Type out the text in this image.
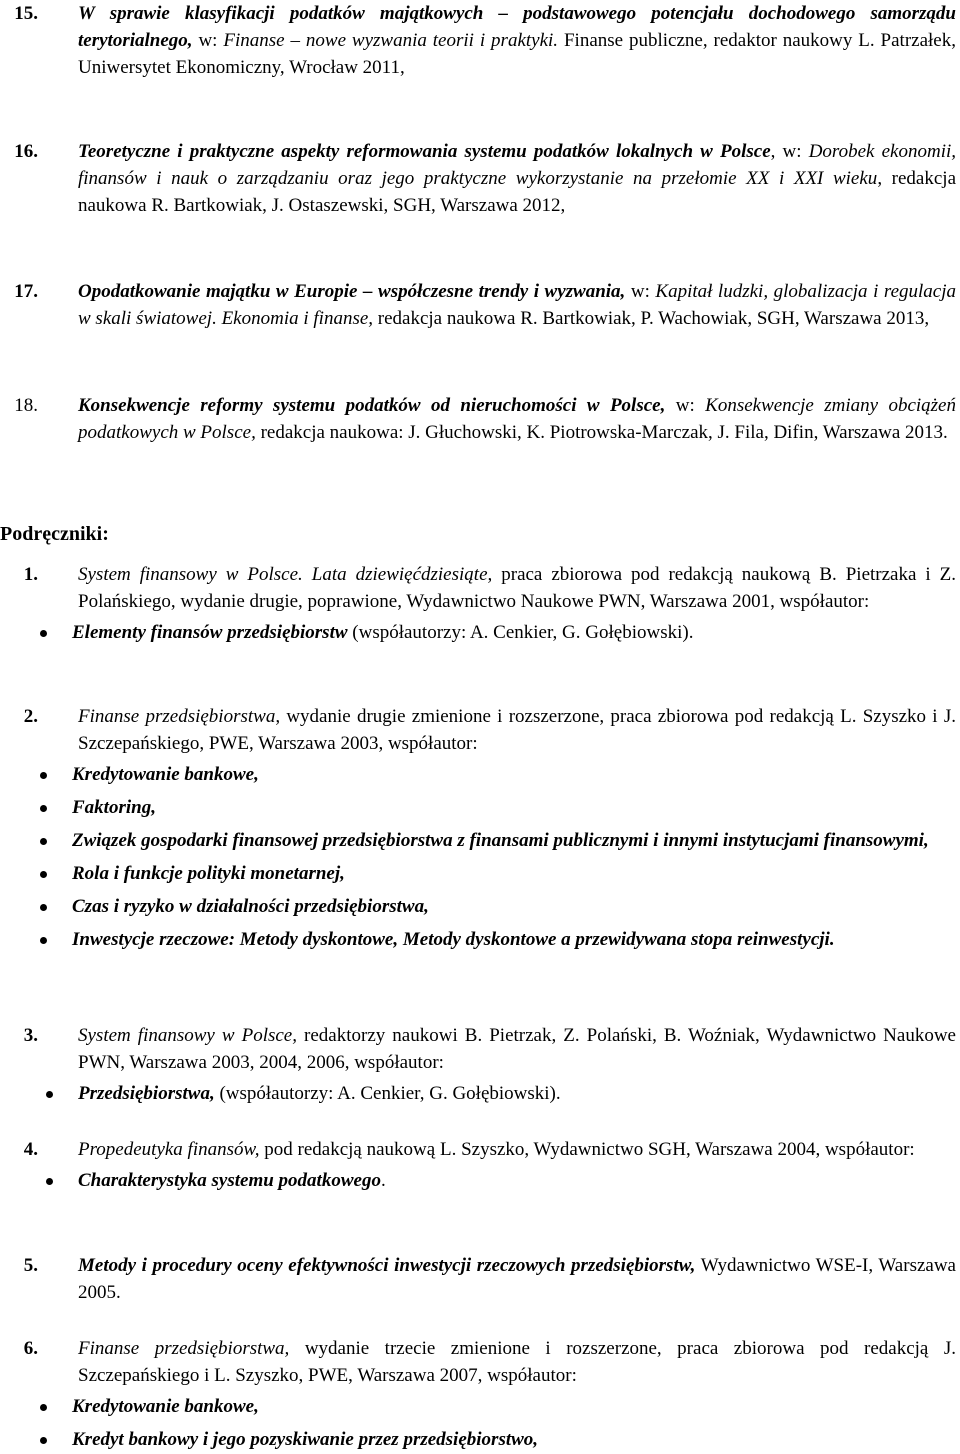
15. W sprawie klasyfikacji podatków majątkowych – podstawowego potencjału dochodowego samorządu terytorialnego, w: Finanse – nowe wyzwania teorii i praktyki. Finanse publiczne, redaktor naukowy L. Patrzałek, Uniwersytet Ekonomiczny, Wrocław 2011,
16. Teoretyczne i praktyczne aspekty reformowania systemu podatków lokalnych w Polsce, w: Dorobek ekonomii, finansów i nauk o zarządzaniu oraz jego praktyczne wykorzystanie na przełomie XX i XXI wieku, redakcja naukowa R. Bartkowiak, J. Ostaszewski, SGH, Warszawa 2012,
17. Opodatkowanie majątku w Europie – współczesne trendy i wyzwania, w: Kapitał ludzki, globalizacja i regulacja w skali światowej. Ekonomia i finanse, redakcja naukowa R. Bartkowiak, P. Wachowiak, SGH, Warszawa 2013,
18. Konsekwencje reformy systemu podatków od nieruchomości w Polsce, w: Konsekwencje zmiany obciążeń podatkowych w Polsce, redakcja naukowa: J. Głuchowski, K. Piotrowska-Marczak, J. Fila, Difin, Warszawa 2013.
Podręczniki:
1. System finansowy w Polsce. Lata dziewięćdziesiąte, praca zbiorowa pod redakcją naukową B. Pietrzaka i Z. Polańskiego, wydanie drugie, poprawione, Wydawnictwo Naukowe PWN, Warszawa 2001, współautor:
Elementy finansów przedsiębiorstw (współautorzy: A. Cenkier, G. Gołębiowski).
2. Finanse przedsiębiorstwa, wydanie drugie zmienione i rozszerzone, praca zbiorowa pod redakcją L. Szyszko i J. Szczepańskiego, PWE, Warszawa 2003, współautor:
Kredytowanie bankowe,
Faktoring,
Związek gospodarki finansowej przedsiębiorstwa z finansami publicznymi i innymi instytucjami finansowymi,
Rola i funkcje polityki monetarnej,
Czas i ryzyko w działalności przedsiębiorstwa,
Inwestycje rzeczowe: Metody dyskontowe, Metody dyskontowe a przewidywana stopa reinwestycji.
3. System finansowy w Polsce, redaktorzy naukowi B. Pietrzak, Z. Polański, B. Woźniak, Wydawnictwo Naukowe PWN, Warszawa 2003, 2004, 2006, współautor:
Przedsiębiorstwa, (współautorzy: A. Cenkier, G. Gołębiowski).
4. Propedeutyka finansów, pod redakcją naukową L. Szyszko, Wydawnictwo SGH, Warszawa 2004, współautor:
Charakterystyka systemu podatkowego.
5. Metody i procedury oceny efektywności inwestycji rzeczowych przedsiębiorstw, Wydawnictwo WSE-I, Warszawa 2005.
6. Finanse przedsiębiorstwa, wydanie trzecie zmienione i rozszerzone, praca zbiorowa pod redakcją J. Szczepańskiego i L. Szyszko, PWE, Warszawa 2007, współautor:
Kredytowanie bankowe,
Kredyt bankowy i jego pozyskiwanie przez przedsiębiorstwo,
